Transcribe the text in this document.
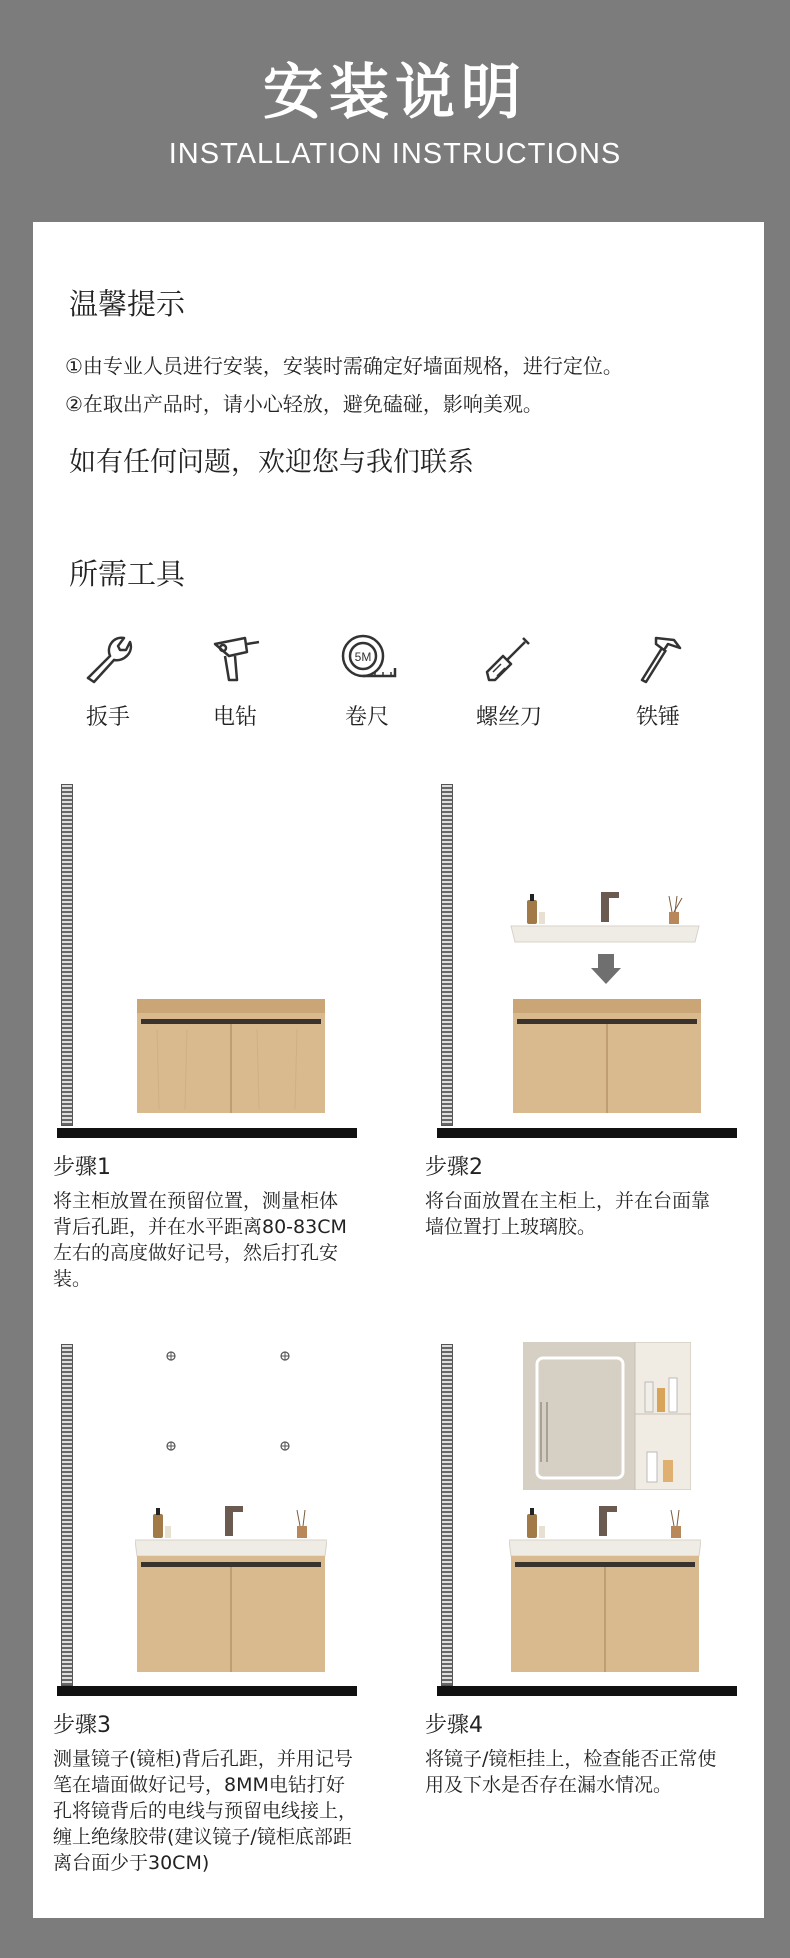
安装说明
INSTALLATION INSTRUCTIONS
温馨提示
①由专业人员进行安装，安装时需确定好墙面规格，进行定位。
②在取出产品时，请小心轻放，避免磕碰，影响美观。
如有任何问题，欢迎您与我们联系
所需工具
扳手	电钻
5M
卷尺	螺丝刀	铁锤
步骤1
将主柜放置在预留位置，测量柜体
背后孔距，并在水平距离80-83CM
左右的高度做好记号，然后打孔安
装。
步骤2
将台面放置在主柜上，并在台面靠
墙位置打上玻璃胶。
步骤3
测量镜子(镜柜)背后孔距，并用记号
笔在墙面做好记号，8MM电钻打好
孔将镜背后的电线与预留电线接上，
缠上绝缘胶带(建议镜子/镜柜底部距
离台面少于30CM)
步骤4
将镜子/镜柜挂上，检查能否正常使
用及下水是否存在漏水情况。
